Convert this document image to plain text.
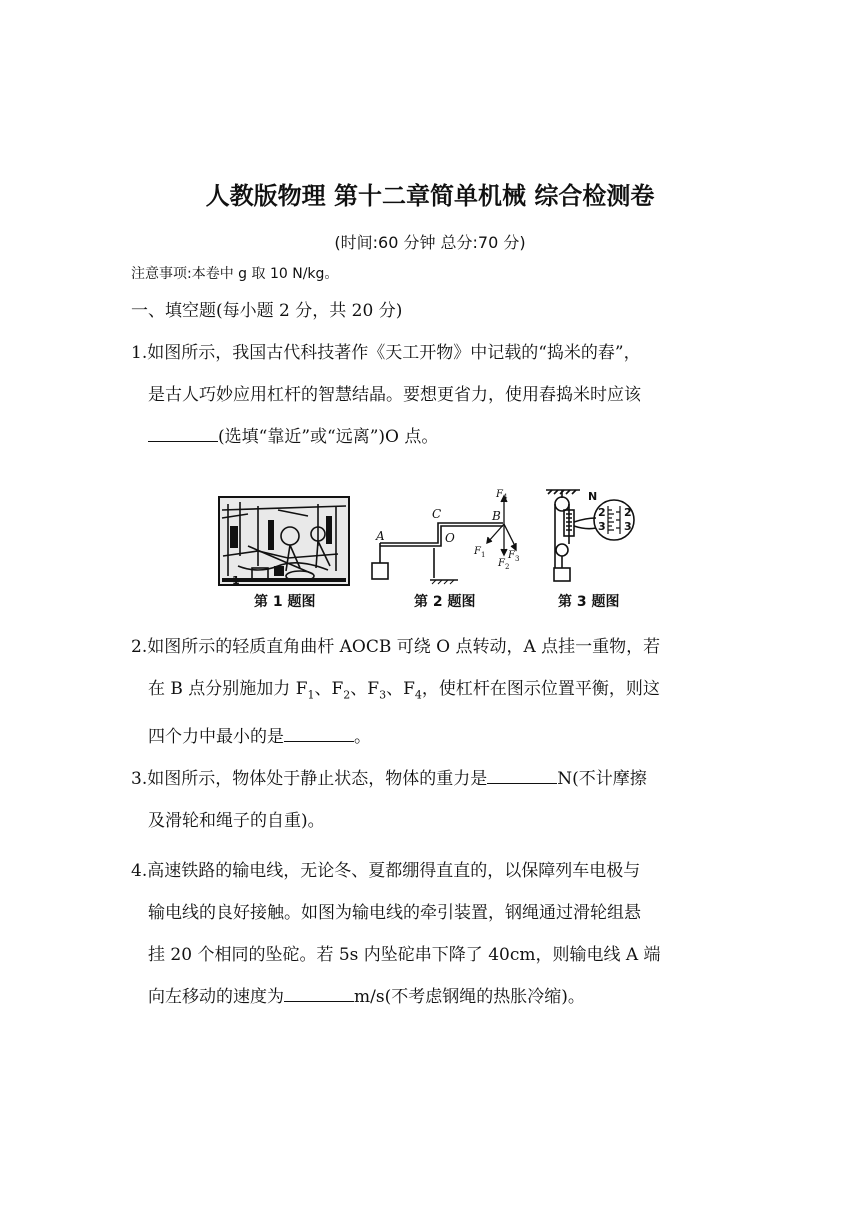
人教版物理 第十二章简单机械 综合检测卷
(时间:60 分钟 总分:70 分)
注意事项:本卷中 g 取 10 N/kg。
一、填空题(每小题 2 分，共 20 分)
1.如图所示，我国古代科技著作《天工开物》中记载的“捣米的舂”，
是古人巧妙应用杠杆的智慧结晶。要想更省力，使用舂捣米时应该
(选填“靠近”或“远离”)O 点。
1
第 1 题图
A
C
O
B
F 4
F 1
F 2
F 3
第 2 题图
N
2 2
3 3
第 3 题图
2.如图所示的轻质直角曲杆 AOCB 可绕 O 点转动，A 点挂一重物，若
在 B 点分别施加力 $F_1$、$F_2$、$F_3$、$F_4$，使杠杆在图示位置平衡，则这
四个力中最小的是	。
3.如图所示，物体处于静止状态，物体的重力是	N(不计摩擦
及滑轮和绳子的自重)。
4.高速铁路的输电线，无论冬、夏都绷得直直的，以保障列车电极与
输电线的良好接触。如图为输电线的牵引装置，钢绳通过滑轮组悬
挂 20 个相同的坠砣。若 5s 内坠砣串下降了 40cm，则输电线 A 端
向左移动的速度为	m/s(不考虑钢绳的热胀冷缩)。
